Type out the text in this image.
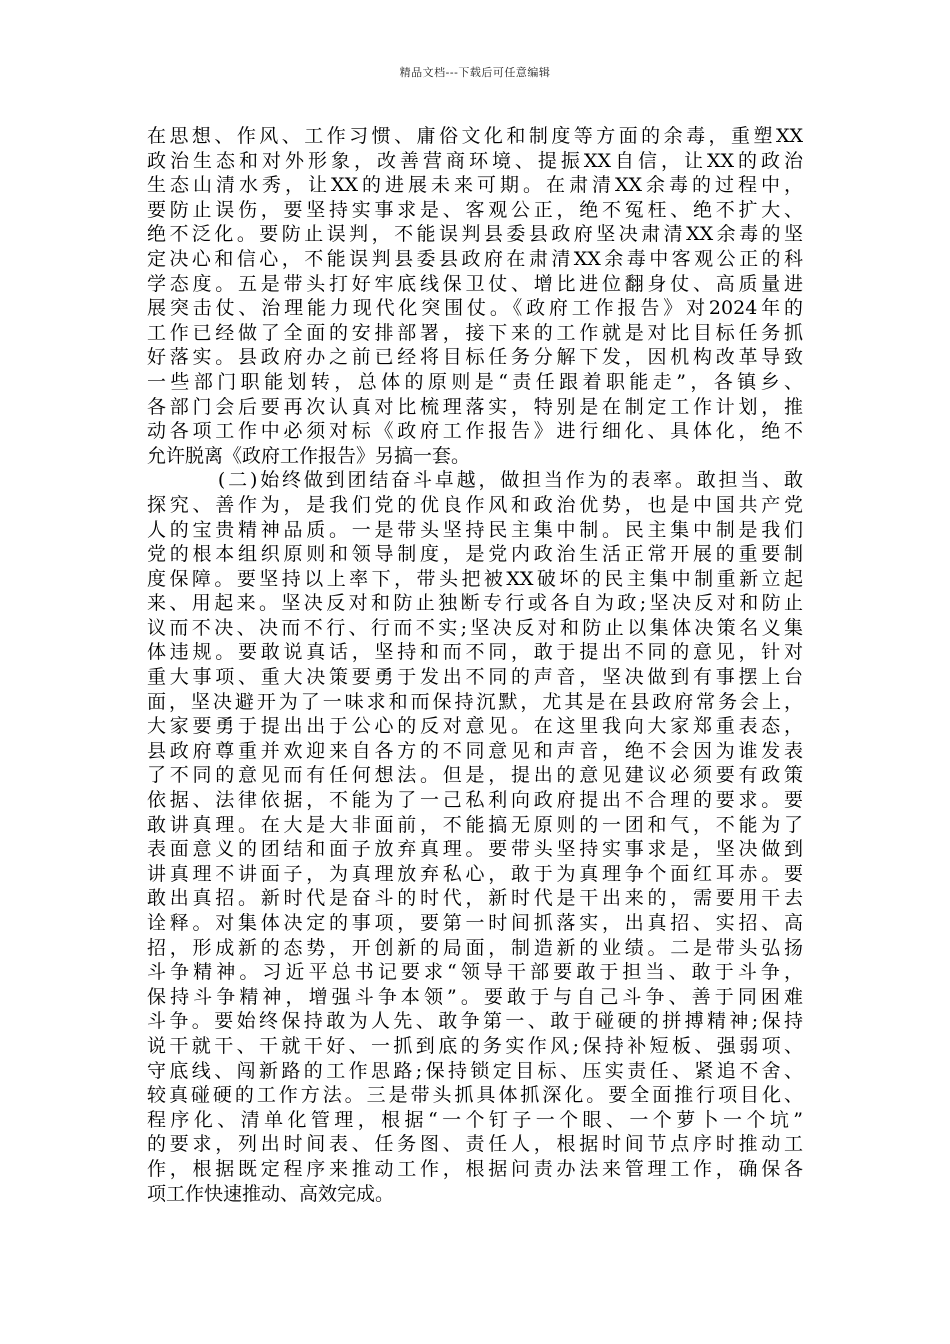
精品文档---下载后可任意编辑
在思想、作风、工作习惯、庸俗文化和制度等方面的余毒，重塑XX
政治生态和对外形象，改善营商环境、提振XX自信，让XX的政治
生态山清水秀，让XX的进展未来可期。在肃清XX余毒的过程中，
要防止误伤，要坚持实事求是、客观公正，绝不冤枉、绝不扩大、
绝不泛化。要防止误判，不能误判县委县政府坚决肃清XX余毒的坚
定决心和信心，不能误判县委县政府在肃清XX余毒中客观公正的科
学态度。五是带头打好牢底线保卫仗、增比进位翻身仗、高质量进
展突击仗、治理能力现代化突围仗。《政府工作报告》对2024年的
工作已经做了全面的安排部署，接下来的工作就是对比目标任务抓
好落实。县政府办之前已经将目标任务分解下发，因机构改革导致
一些部门职能划转，总体的原则是“责任跟着职能走”，各镇乡、
各部门会后要再次认真对比梳理落实，特别是在制定工作计划，推
动各项工作中必须对标《政府工作报告》进行细化、具体化，绝不
允许脱离《政府工作报告》另搞一套。
(二)始终做到团结奋斗卓越，做担当作为的表率。敢担当、敢
探究、善作为，是我们党的优良作风和政治优势，也是中国共产党
人的宝贵精神品质。一是带头坚持民主集中制。民主集中制是我们
党的根本组织原则和领导制度，是党内政治生活正常开展的重要制
度保障。要坚持以上率下，带头把被XX破坏的民主集中制重新立起
来、用起来。坚决反对和防止独断专行或各自为政;坚决反对和防止
议而不决、决而不行、行而不实;坚决反对和防止以集体决策名义集
体违规。要敢说真话，坚持和而不同，敢于提出不同的意见，针对
重大事项、重大决策要勇于发出不同的声音，坚决做到有事摆上台
面，坚决避开为了一味求和而保持沉默，尤其是在县政府常务会上，
大家要勇于提出出于公心的反对意见。在这里我向大家郑重表态，
县政府尊重并欢迎来自各方的不同意见和声音，绝不会因为谁发表
了不同的意见而有任何想法。但是，提出的意见建议必须要有政策
依据、法律依据，不能为了一己私利向政府提出不合理的要求。要
敢讲真理。在大是大非面前，不能搞无原则的一团和气，不能为了
表面意义的团结和面子放弃真理。要带头坚持实事求是，坚决做到
讲真理不讲面子，为真理放弃私心，敢于为真理争个面红耳赤。要
敢出真招。新时代是奋斗的时代，新时代是干出来的，需要用干去
诠释。对集体决定的事项，要第一时间抓落实，出真招、实招、高
招，形成新的态势，开创新的局面，制造新的业绩。二是带头弘扬
斗争精神。习近平总书记要求“领导干部要敢于担当、敢于斗争，
保持斗争精神，增强斗争本领”。要敢于与自己斗争、善于同困难
斗争。要始终保持敢为人先、敢争第一、敢于碰硬的拼搏精神;保持
说干就干、干就干好、一抓到底的务实作风;保持补短板、强弱项、
守底线、闯新路的工作思路;保持锁定目标、压实责任、紧追不舍、
较真碰硬的工作方法。三是带头抓具体抓深化。要全面推行项目化、
程序化、清单化管理，根据“一个钉子一个眼、一个萝卜一个坑”
的要求，列出时间表、任务图、责任人，根据时间节点序时推动工
作，根据既定程序来推动工作，根据问责办法来管理工作，确保各
项工作快速推动、高效完成。
